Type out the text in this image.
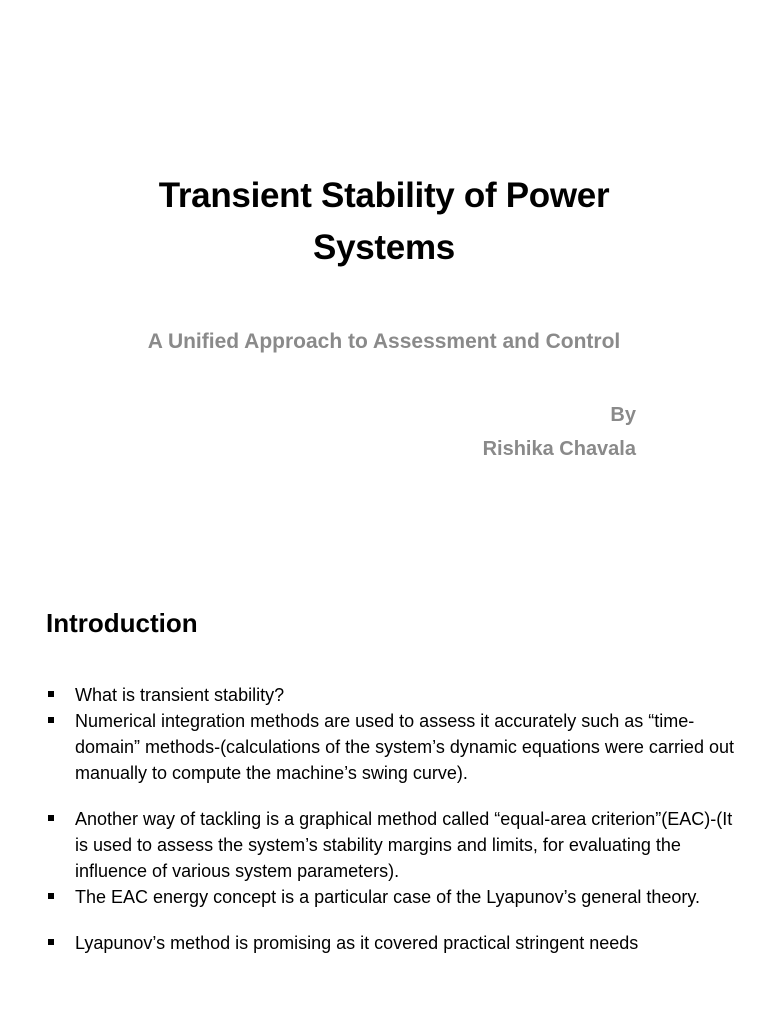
Transient Stability of Power Systems
A Unified Approach to Assessment and Control
By
Rishika Chavala
Introduction
What is transient stability?
Numerical integration methods are used to assess it accurately such as “time-domain” methods-(calculations of the system’s dynamic equations were carried out manually to compute the machine’s swing curve).
Another way of tackling is a graphical method called “equal-area criterion”(EAC)-(It is used to assess the system’s stability margins and limits, for evaluating the influence of various system parameters).
The EAC energy concept is a particular case of the Lyapunov’s general theory.
Lyapunov’s method is promising as it covered practical stringent needs
